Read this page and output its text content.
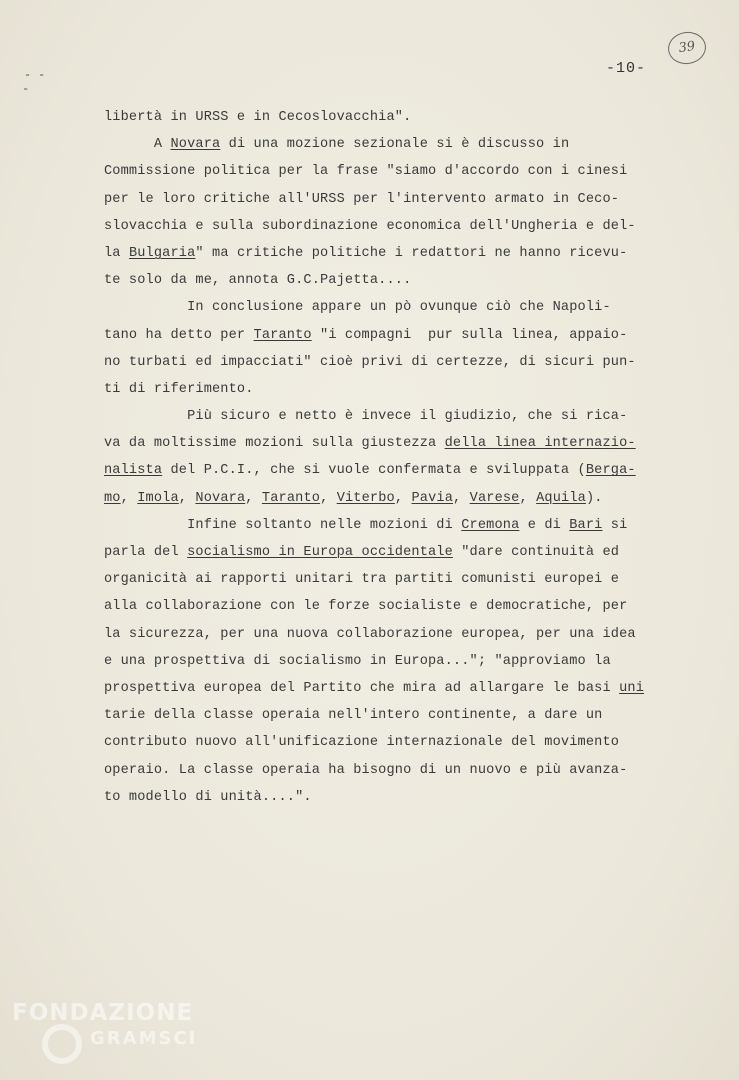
- -
-
39
-10-
libertà in URSS e in Cecoslovacchia".
A Novara di una mozione sezionale si è discusso in
Commissione politica per la frase "siamo d'accordo con i cinesi
per le loro critiche all'URSS per l'intervento armato in Ceco-
slovacchia e sulla subordinazione economica dell'Ungheria e del-
la Bulgaria" ma critiche politiche i redattori ne hanno ricevu-
te solo da me, annota G.C.Pajetta....
In conclusione appare un pò ovunque ciò che Napoli-
tano ha detto per Taranto "i compagni  pur sulla linea, appaio-
no turbati ed impacciati" cioè privi di certezze, di sicuri pun-
ti di riferimento.
Più sicuro e netto è invece il giudizio, che si rica-
va da moltissime mozioni sulla giustezza della linea internazio-
nalista del P.C.I., che si vuole confermata e sviluppata (Berga-
mo, Imola, Novara, Taranto, Viterbo, Pavia, Varese, Aquila).
Infine soltanto nelle mozioni di Cremona e di Bari si
parla del socialismo in Europa occidentale "dare continuità ed
organicità ai rapporti unitari tra partiti comunisti europei e
alla collaborazione con le forze socialiste e democratiche, per
la sicurezza, per una nuova collaborazione europea, per una idea
e una prospettiva di socialismo in Europa..."; "approviamo la
prospettiva europea del Partito che mira ad allargare le basi uni
tarie della classe operaia nell'intero continente, a dare un
contributo nuovo all'unificazione internazionale del movimento
operaio. La classe operaia ha bisogno di un nuovo e più avanza-
to modello di unità....".
FONDAZIONE
GRAMSCI
